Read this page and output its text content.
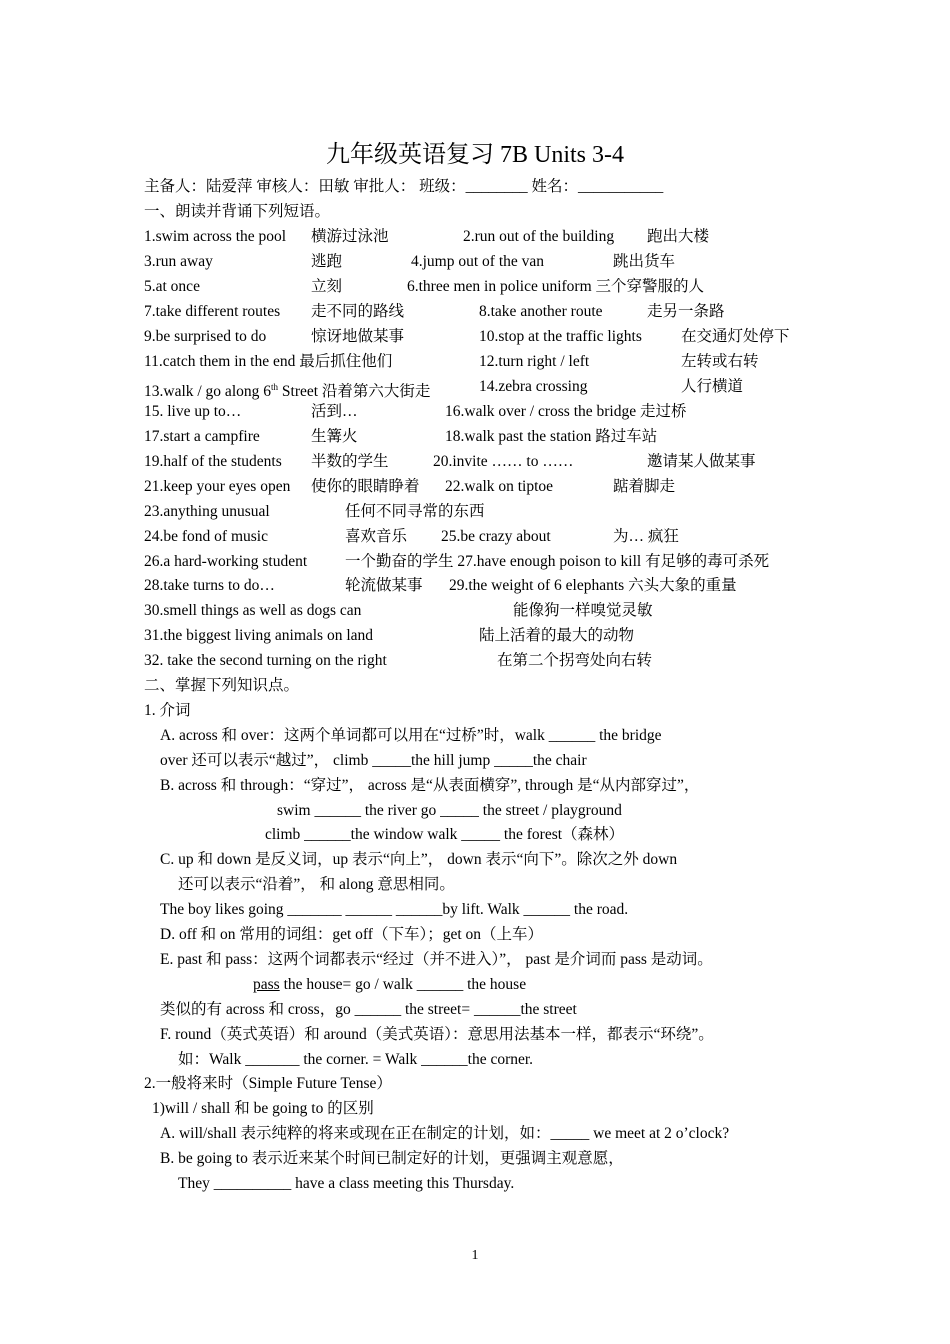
九年级英语复习 7B Units 3-4
主备人：陆爱萍 审核人：田敏 审批人： 班级：________ 姓名：___________
一、朗读并背诵下列短语。
1.swim across the pool 横游过泳池	2.run out of the building 跑出大楼
3.run away	逃跑	4.jump out of the van	跳出货车
5.at once	立刻	6.three men in police uniform 三个穿警服的人
7.take different routes 走不同的路线	8.take another route	走另一条路
9.be surprised to do	惊讶地做某事	10.stop at the traffic lights	在交通灯处停下
11.catch them in the end 最后抓住他们	12.turn right / left	左转或右转
13.walk / go along 6th Street 沿着第六大街走	14.zebra crossing	人行横道
15. live up to…	活到…	16.walk over / cross the bridge 走过桥
17.start a campfire	生篝火	18.walk past the station 路过车站
19.half of the students 半数的学生	20.invite …… to ……	邀请某人做某事
21.keep your eyes open 使你的眼睛睁着 22.walk on tiptoe	踮着脚走
23.anything unusual	任何不同寻常的东西
24.be fond of music	喜欢音乐 25.be crazy about	为… 疯狂
26.a hard-working student 一个勤奋的学生 27.have enough poison to kill 有足够的毒可杀死
28.take turns to do…	轮流做某事 29.the weight of 6 elephants 六头大象的重量
30.smell things as well as dogs can	能像狗一样嗅觉灵敏
31.the biggest living animals on land	陆上活着的最大的动物
32. take the second turning on the right	在第二个拐弯处向右转
二、掌握下列知识点。
1. 介词
A. across 和 over：这两个单词都可以用在“过桥”时，walk ______ the bridge
over 还可以表示“越过”， climb _____the hill jump _____the chair
B. across 和 through：“穿过”， across 是“从表面横穿”, through 是“从内部穿过”，
swim ______ the river go _____ the street / playground
climb ______the window walk _____ the forest（森林）
C. up 和 down 是反义词，up 表示“向上”， down 表示“向下”。除次之外 down
还可以表示“沿着”， 和 along 意思相同。
The boy likes going _______ ______ ______by lift. Walk ______ the road.
D. off 和 on 常用的词组：get off（下车）；get on（上车）
E. past 和 pass：这两个词都表示“经过（并不进入）”， past 是介词而 pass 是动词。
pass the house= go / walk ______ the house
类似的有 across 和 cross，go ______ the street= ______the street
F. round（英式英语）和 around（美式英语）：意思用法基本一样，都表示“环绕”。
如：Walk _______ the corner. = Walk ______the corner.
2.一般将来时（Simple Future Tense）
1)will / shall 和 be going to 的区别
A. will/shall 表示纯粹的将来或现在正在制定的计划，如：_____ we meet at 2 o’clock?
B. be going to 表示近来某个时间已制定好的计划，更强调主观意愿，
They __________ have a class meeting this Thursday.
1
